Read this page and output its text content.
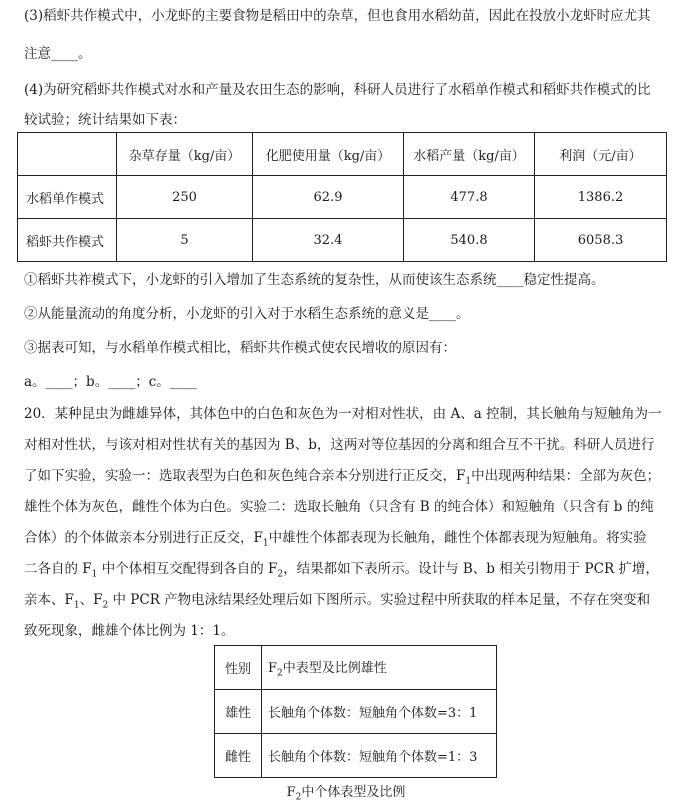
(3)稻虾共作模式中，小龙虾的主要食物是稻田中的杂草，但也食用水稻幼苗，因此在投放小龙虾时应尤其
注意____。
(4)为研究稻虾共作模式对水和产量及农田生态的影响，科研人员进行了水稻单作模式和稻虾共作模式的比
较试验；统计结果如下表：
	杂草存量（kg/亩）	化肥使用量（kg/亩）	水稻产量（kg/亩）	利润（元/亩）
水稻单作模式	250	62.9	477.8	1386.2
稻虾共作模式	5	32.4	540.8	6058.3
①稻虾共祚模式下，小龙虾的引入增加了生态系统的复杂性，从而使该生态系统____稳定性提高。
②从能量流动的角度分析，小龙虾的引入对于水稻生态系统的意义是____。
③据表可知，与水稻单作模式相比，稻虾共作模式使农民增收的原因有：
a。____；b。____；c。____
20．某种昆虫为雌雄异体，其体色中的白色和灰色为一对相对性状，由 A、a 控制，其长触角与短触角为一
对相对性状，与该对相对性状有关的基因为 B、b，这两对等位基因的分离和组合互不干扰。科研人员进行
了如下实验，实验一：选取表型为白色和灰色纯合亲本分别进行正反交，$F_1$中出现两种结果：全部为灰色；
雄性个体为灰色，雌性个体为白色。实验二：选取长触角（只含有 B 的纯合体）和短触角（只含有 b 的纯
合体）的个体做亲本分别进行正反交，$F_1$中雄性个体都表现为长触角，雌性个体都表现为短触角。将实验
二各自的 $F_1$ 中个体相互交配得到各自的 $F_2$，结果都如下表所示。设计与 B、b 相关引物用于 PCR 扩增，
亲本、$F_1$、$F_2$ 中 PCR 产物电泳结果经处理后如下图所示。实验过程中所获取的样本足量，不存在突变和
致死现象，雌雄个体比例为 1：1。
性别	$F_2$中表型及比例雄性
雄性	长触角个体数：短触角个体数=3：1
雌性	长触角个体数：短触角个体数=1：3
$F_2$中个体表型及比例
